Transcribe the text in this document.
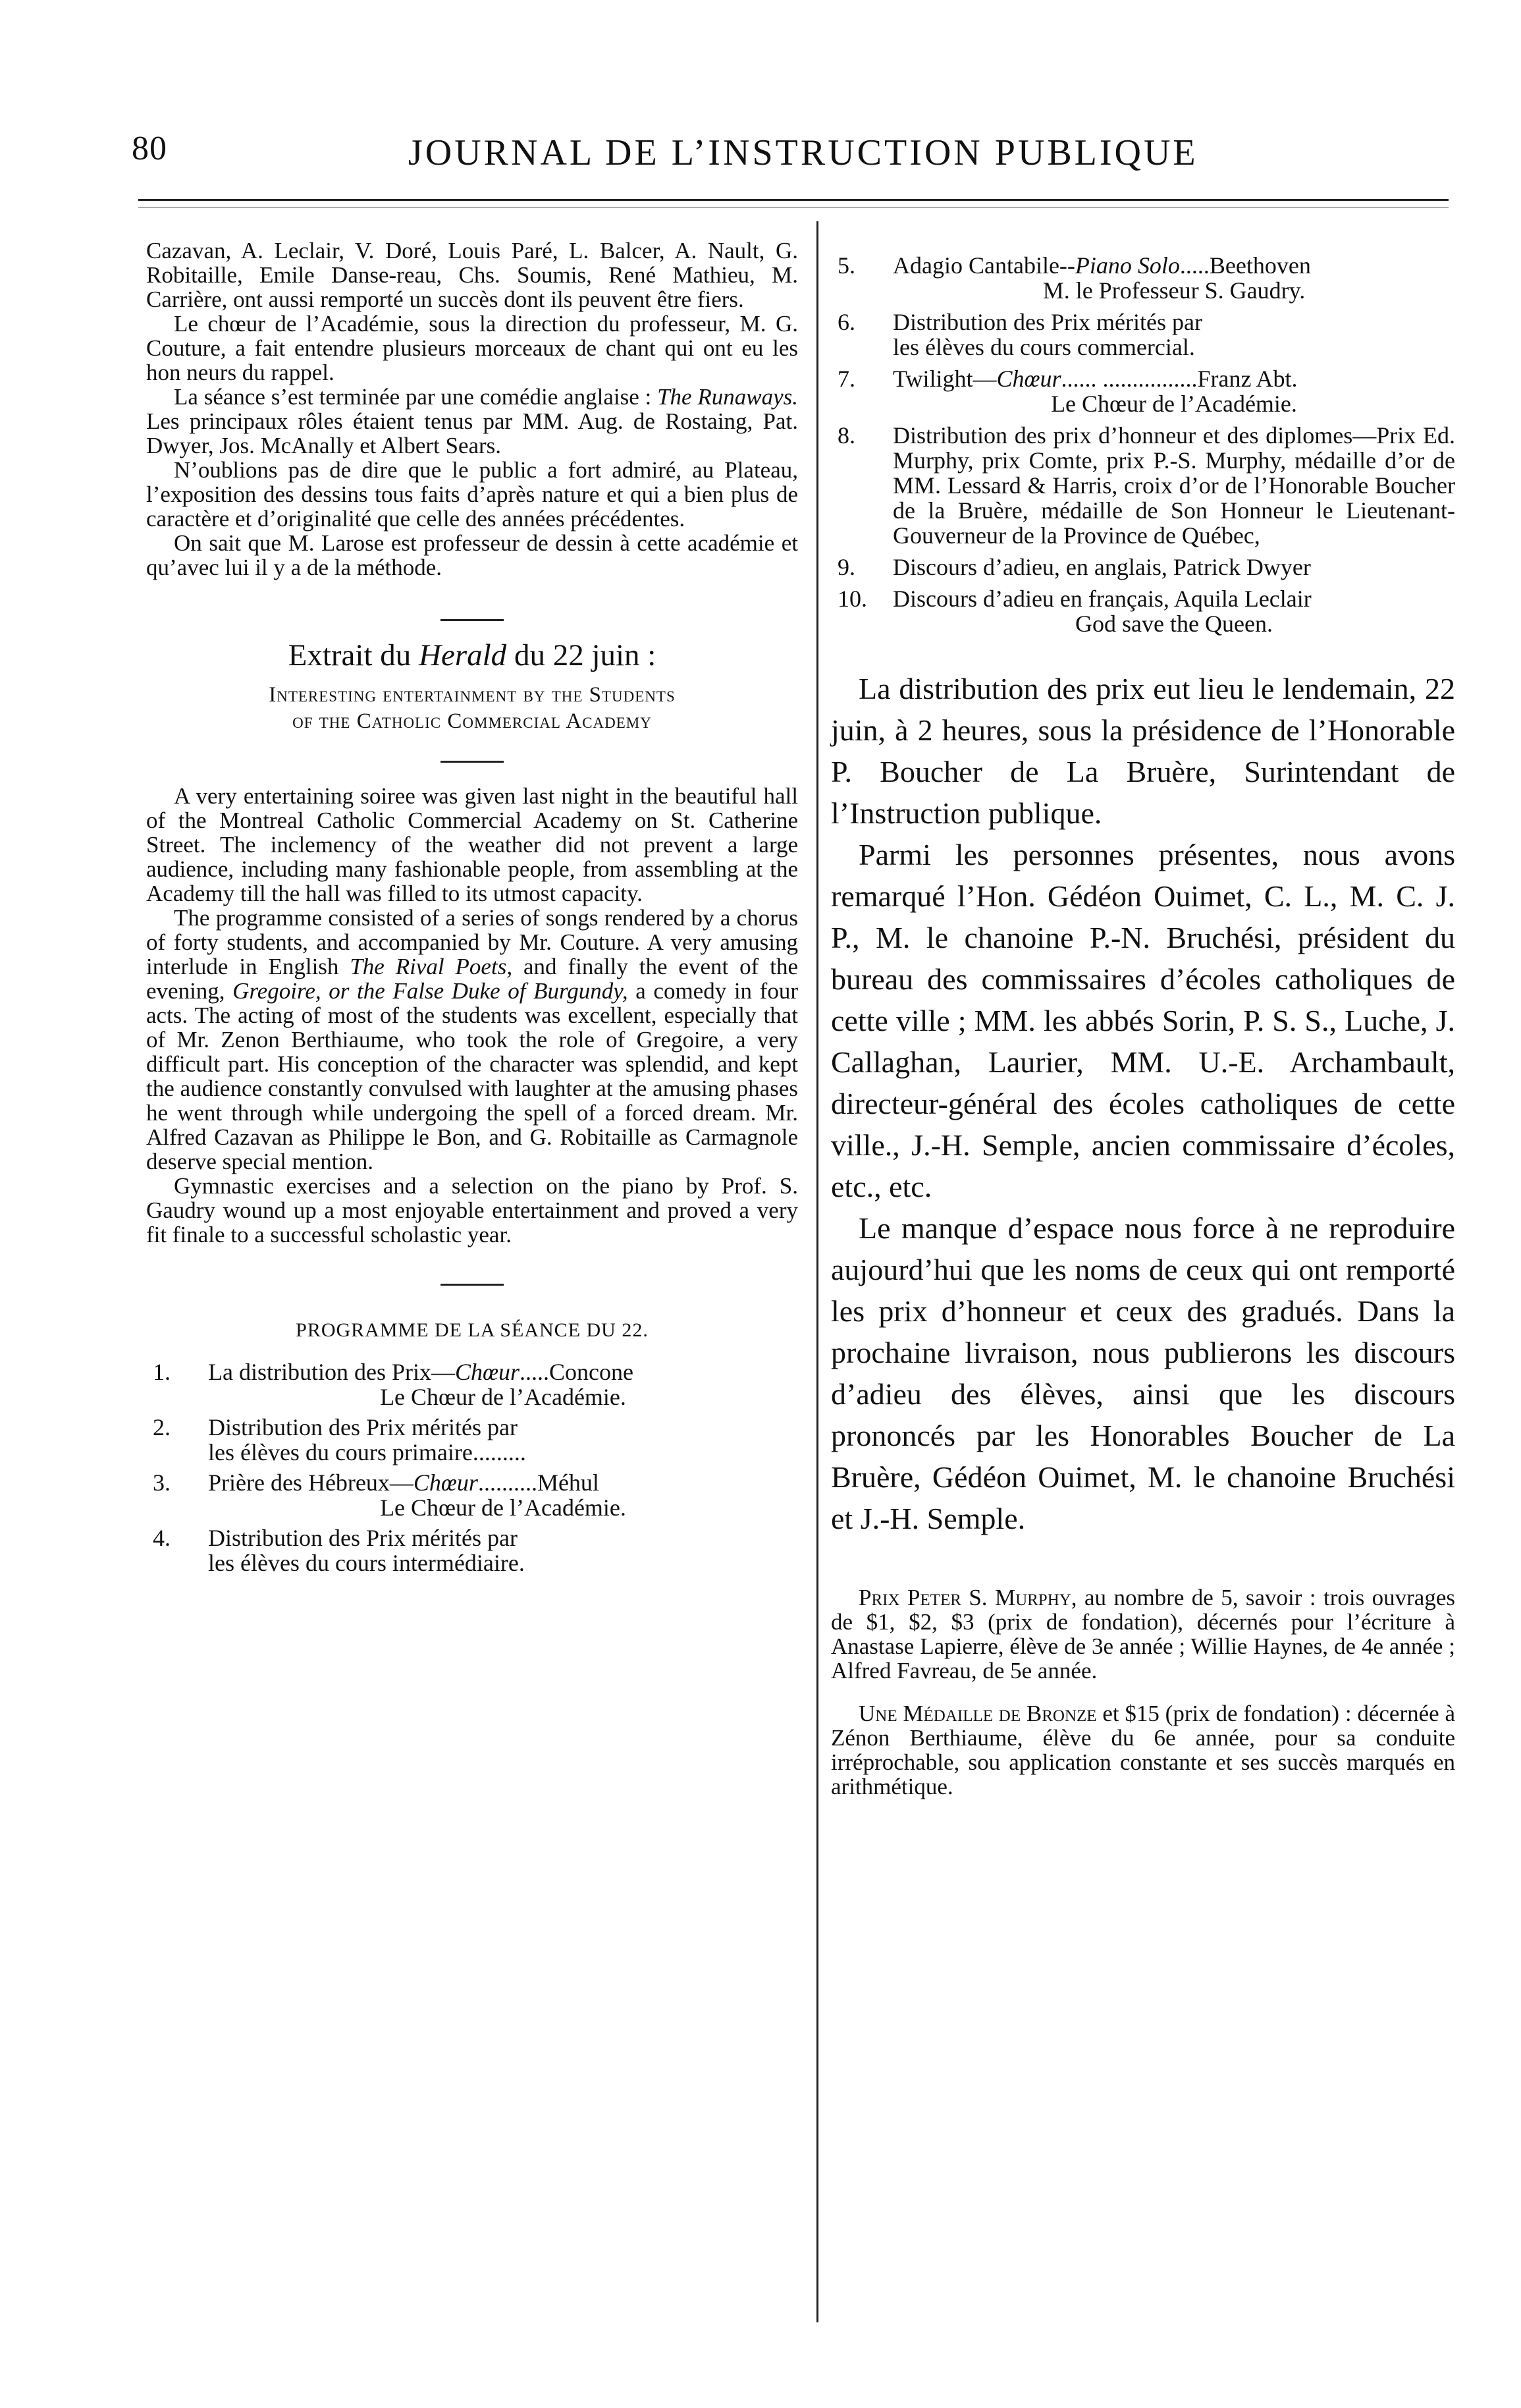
80	JOURNAL DE L’INSTRUCTION PUBLIQUE

Cazavan, A. Leclair, V. Doré, Louis Paré, L. Balcer, A. Nault, G. Robitaille, Emile Danse-reau, Chs. Soumis, René Mathieu, M. Carrière, ont aussi remporté un succès dont ils peuvent être fiers.

Le chœur de l’Académie, sous la direction du professeur, M. G. Couture, a fait entendre plusieurs morceaux de chant qui ont eu les hon neurs du rappel.

La séance s’est terminée par une comédie anglaise : The Runaways. Les principaux rôles étaient tenus par MM. Aug. de Rostaing, Pat. Dwyer, Jos. McAnally et Albert Sears.

N’oublions pas de dire que le public a fort admiré, au Plateau, l’exposition des dessins tous faits d’après nature et qui a bien plus de caractère et d’originalité que celle des années précédentes.

On sait que M. Larose est professeur de dessin à cette académie et qu’avec lui il y a de la méthode.

Extrait du Herald du 22 juin :
Interesting entertainment by the Students
of the Catholic Commercial Academy

A very entertaining soiree was given last night in the beautiful hall of the Montreal Catholic Commercial Academy on St. Catherine Street. The inclemency of the weather did not prevent a large audience, including many fashionable people, from assembling at the Academy till the hall was filled to its utmost capacity.

The programme consisted of a series of songs rendered by a chorus of forty students, and accompanied by Mr. Couture. A very amusing interlude in English The Rival Poets, and finally the event of the evening, Gregoire, or the False Duke of Burgundy, a comedy in four acts. The acting of most of the students was excellent, especially that of Mr. Zenon Berthiaume, who took the role of Gregoire, a very difficult part. His conception of the character was splendid, and kept the audience constantly convulsed with laughter at the amusing phases he went through while undergoing the spell of a forced dream. Mr. Alfred Cazavan as Philippe le Bon, and G. Robitaille as Carmagnole deserve special mention.

Gymnastic exercises and a selection on the piano by Prof. S. Gaudry wound up a most enjoyable entertainment and proved a very fit finale to a successful scholastic year.

PROGRAMME DE LA SÉANCE DU 22.
1. La distribution des Prix—Chœur.....Concone
Le Chœur de l’Académie.
2. Distribution des Prix mérités par
les élèves du cours primaire.........
3. Prière des Hébreux—Chœur..........Méhul
Le Chœur de l’Académie.
4. Distribution des Prix mérités par
les élèves du cours intermédiaire.
5. Adagio Cantabile--Piano Solo.....Beethoven
M. le Professeur S. Gaudry.
6. Distribution des Prix mérités par
les élèves du cours commercial.
7. Twilight—Chœur...... ................Franz Abt.
Le Chœur de l’Académie.
8. Distribution des prix d’honneur et des diplomes—Prix Ed. Murphy, prix Comte, prix P.-S. Murphy, médaille d’or de MM. Lessard & Harris, croix d’or de l’Honorable Boucher de la Bruère, médaille de Son Honneur le Lieutenant-Gouverneur de la Province de Québec,
9. Discours d’adieu, en anglais, Patrick Dwyer
10. Discours d’adieu en français, Aquila Leclair
God save the Queen.

La distribution des prix eut lieu le lendemain, 22 juin, à 2 heures, sous la présidence de l’Honorable P. Boucher de La Bruère, Surintendant de l’Instruction publique.

Parmi les personnes présentes, nous avons remarqué l’Hon. Gédéon Ouimet, C. L., M. C. J. P., M. le chanoine P.-N. Bruchési, président du bureau des commissaires d’écoles catholiques de cette ville ; MM. les abbés Sorin, P. S. S., Luche, J. Callaghan, Laurier, MM. U.-E. Archambault, directeur-général des écoles catholiques de cette ville., J.-H. Semple, ancien commissaire d’écoles, etc., etc.

Le manque d’espace nous force à ne reproduire aujourd’hui que les noms de ceux qui ont remporté les prix d’honneur et ceux des gradués. Dans la prochaine livraison, nous publierons les discours d’adieu des élèves, ainsi que les discours prononcés par les Honorables Boucher de La Bruère, Gédéon Ouimet, M. le chanoine Bruchési et J.-H. Semple.

Prix Peter S. Murphy, au nombre de 5, savoir : trois ouvrages de $1, $2, $3 (prix de fondation), décernés pour l’écriture à Anastase Lapierre, élève de 3e année ; Willie Haynes, de 4e année ; Alfred Favreau, de 5e année.

Une Médaille de Bronze et $15 (prix de fondation) : décernée à Zénon Berthiaume, élève du 6e année, pour sa conduite irréprochable, sou application constante et ses succès marqués en arithmétique.
